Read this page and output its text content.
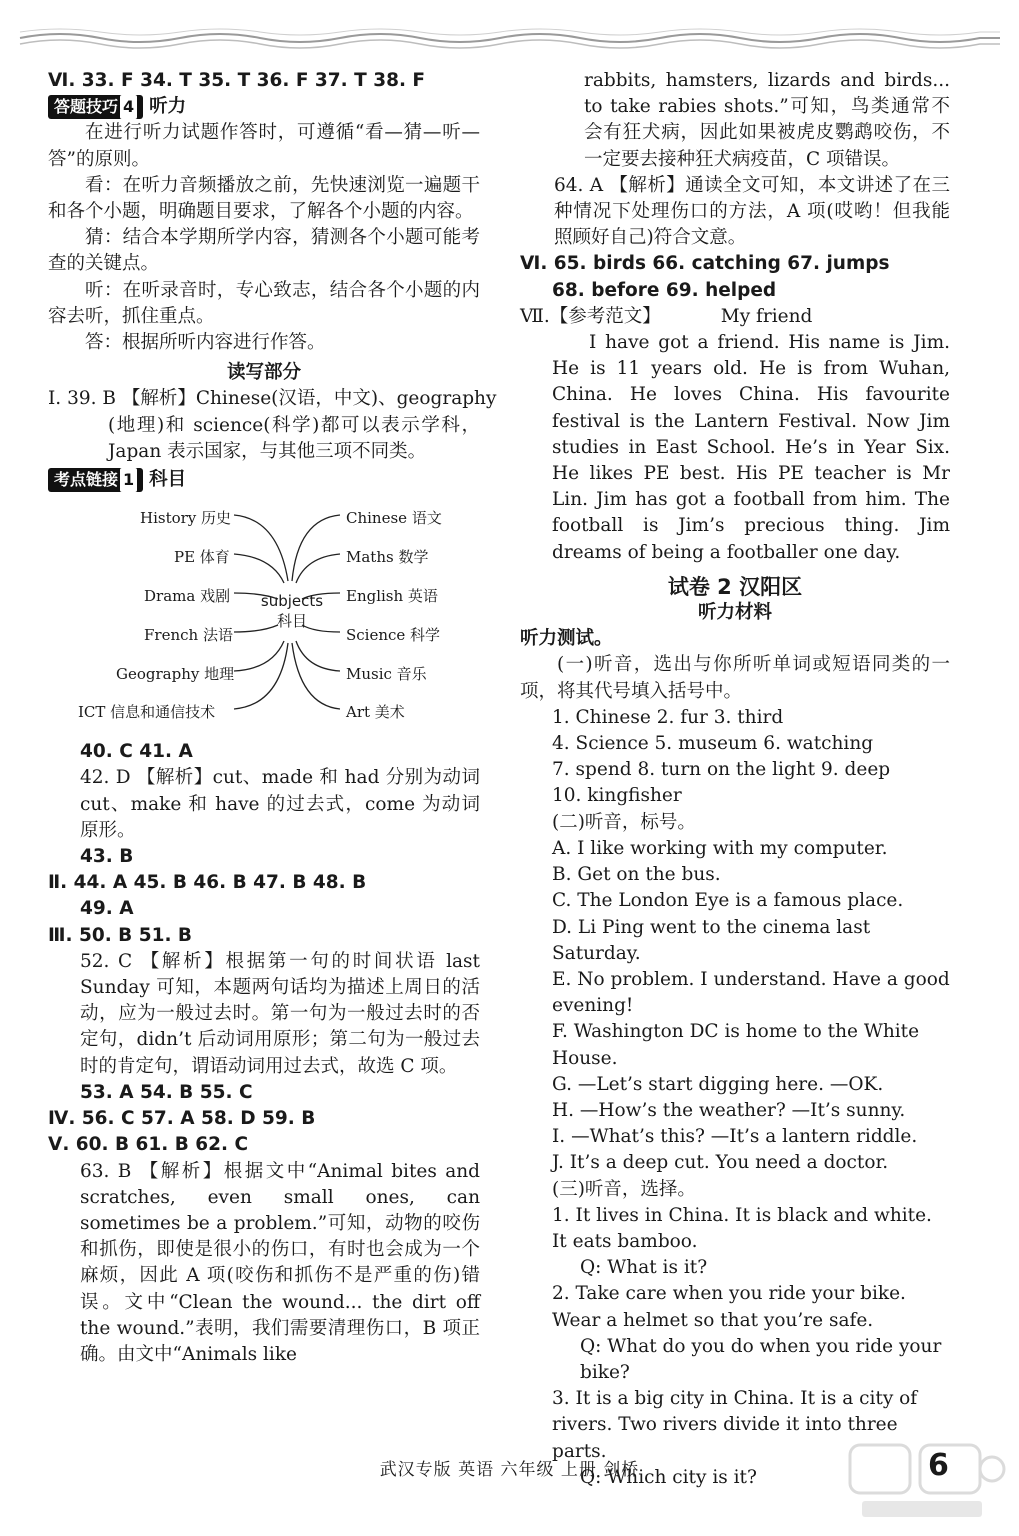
Ⅵ. 33. F 34. T 35. T 36. F 37. T 38. F
答题技巧 4 听力
在进行听力试题作答时，可遵循“看—猜—听—答”的原则。
看：在听力音频播放之前，先快速浏览一遍题干和各个小题，明确题目要求，了解各个小题的内容。
猜：结合本学期所学内容，猜测各个小题可能考查的关键点。
听：在听录音时，专心致志，结合各个小题的内容去听，抓住重点。
答：根据所听内容进行作答。
读写部分
Ⅰ. 39. B 【解析】Chinese(汉语，中文)、geography
(地理)和 science(科学)都可以表示学科，Japan 表示国家，与其他三项不同类。
考点链接 1 科目
History 历史
PE 体育
Drama 戏剧
French 法语
Geography 地理
ICT 信息和通信技术
Chinese 语文
Maths 数学
English 英语
Science 科学
Music 音乐
Art 美术
subjects
科目
40. C 41. A
42. D 【解析】cut、made 和 had 分别为动词 cut、make 和 have 的过去式，come 为动词原形。
43. B
Ⅱ. 44. A 45. B 46. B 47. B 48. B
49. A
Ⅲ. 50. B 51. B
52. C 【解析】根据第一句的时间状语 last Sunday 可知，本题两句话均为描述上周日的活动，应为一般过去时。第一句为一般过去时的否定句，didn’t 后动词用原形；第二句为一般过去时的肯定句，谓语动词用过去式，故选 C 项。
53. A 54. B 55. C
Ⅳ. 56. C 57. A 58. D 59. B
Ⅴ. 60. B 61. B 62. C
63. B 【解析】根据文中“Animal bites and scratches, even small ones, can sometimes be a problem.”可知，动物的咬伤和抓伤，即使是很小的伤口，有时也会成为一个麻烦，因此 A 项(咬伤和抓伤不是严重的伤)错误。文中“Clean the wound... the dirt off the wound.”表明，我们需要清理伤口，B 项正确。由文中“Animals like
rabbits, hamsters, lizards and birds... to take rabies shots.”可知，鸟类通常不会有狂犬病，因此如果被虎皮鹦鹉咬伤，不一定要去接种狂犬病疫苗，C 项错误。
64. A 【解析】通读全文可知，本文讲述了在三种情况下处理伤口的方法，A 项(哎哟！但我能照顾好自己)符合文意。
Ⅵ. 65. birds 66. catching 67. jumps
68. before 69. helped
Ⅶ.【参考范文】	My friend
I have got a friend. His name is Jim. He is 11 years old. He is from Wuhan, China. He loves China. His favourite festival is the Lantern Festival. Now Jim studies in East School. He’s in Year Six. He likes PE best. His PE teacher is Mr Lin. Jim has got a football from him. The football is Jim’s precious thing. Jim dreams of being a footballer one day.
试卷 2 汉阳区
听力材料
听力测试。
(一)听音，选出与你所听单词或短语同类的一项，将其代号填入括号中。
1. Chinese 2. fur 3. third
4. Science 5. museum 6. watching
7. spend 8. turn on the light 9. deep
10. kingfisher
(二)听音，标号。
A. I like working with my computer.
B. Get on the bus.
C. The London Eye is a famous place.
D. Li Ping went to the cinema last Saturday.
E. No problem. I understand. Have a good evening!
F. Washington DC is home to the White House.
G. —Let’s start digging here. —OK.
H. —How’s the weather? —It’s sunny.
I. —What’s this? —It’s a lantern riddle.
J. It’s a deep cut. You need a doctor.
(三)听音，选择。
1. It lives in China. It is black and white. It eats bamboo.
Q: What is it?
2. Take care when you ride your bike. Wear a helmet so that you’re safe.
Q: What do you do when you ride your bike?
3. It is a big city in China. It is a city of rivers. Two rivers divide it into three parts.
Q: Which city is it?
武汉专版 英语 六年级 上册 剑桥	6
